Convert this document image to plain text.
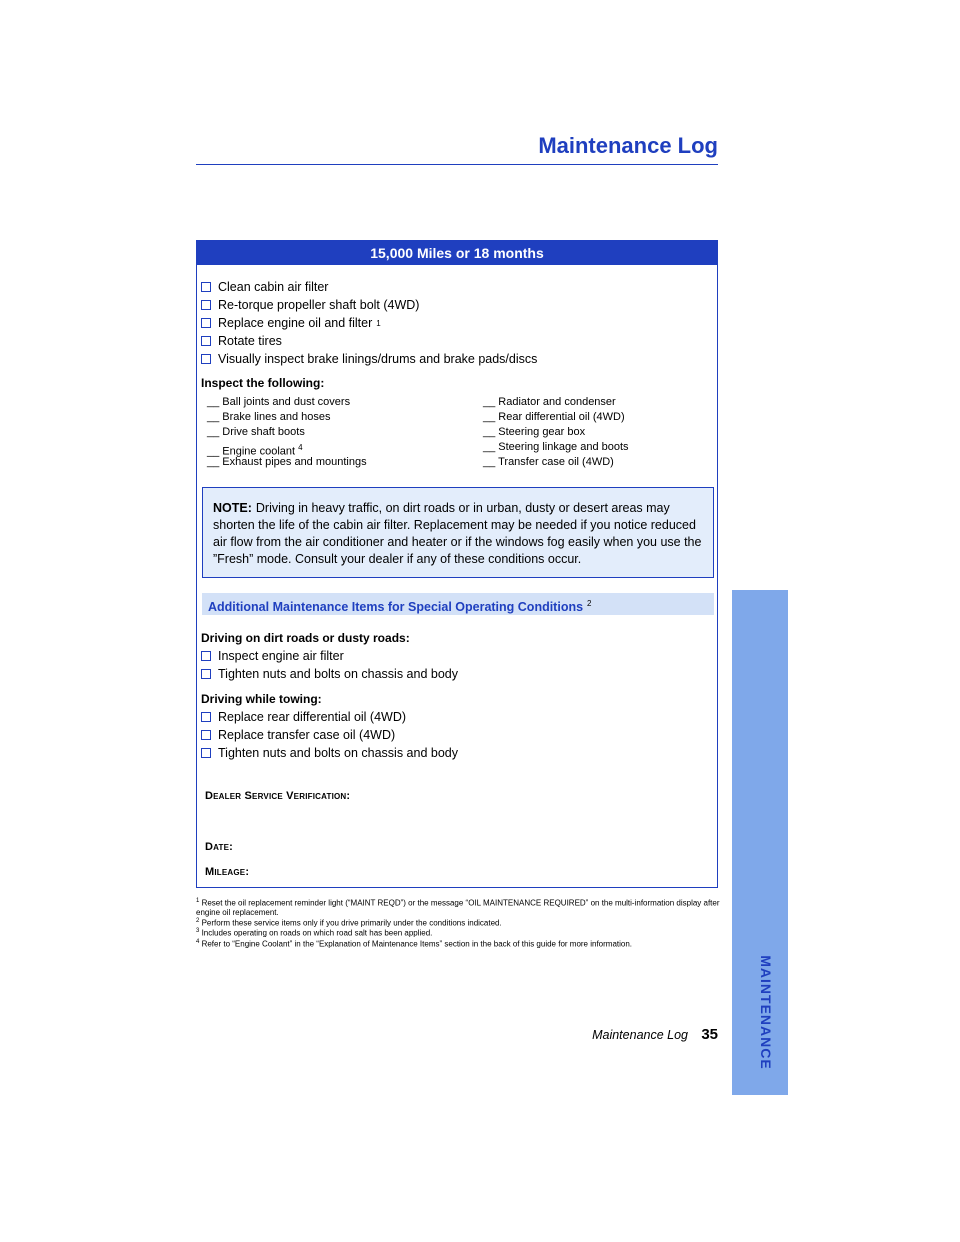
Maintenance Log
MAINTENANCE
15,000 Miles or 18 months
Clean cabin air filter
Re-torque propeller shaft bolt (4WD)
Replace engine oil and filter 1
Rotate tires
Visually inspect brake linings/drums and brake pads/discs
Inspect the following:
__ Ball joints and dust covers
__ Brake lines and hoses
__ Drive shaft boots
__ Engine coolant $^4$
__ Exhaust pipes and mountings
__ Radiator and condenser
__ Rear differential oil (4WD)
__ Steering gear box
__ Steering linkage and boots
__ Transfer case oil (4WD)
NOTE: Driving in heavy traffic, on dirt roads or in urban, dusty or desert areas may shorten the life of the cabin air filter. Replacement may be needed if you notice reduced air flow from the air conditioner and heater or if the windows fog easily when you use the ”Fresh” mode. Consult your dealer if any of these conditions occur.
Additional Maintenance Items for Special Operating Conditions $^2$
Driving on dirt roads or dusty roads:
Inspect engine air filter
Tighten nuts and bolts on chassis and body
Driving while towing:
Replace rear differential oil (4WD)
Replace transfer case oil (4WD)
Tighten nuts and bolts on chassis and body
Dealer Service Verification:
Date:
Mileage:
$^1$ Reset the oil replacement reminder light (“MAINT REQD”) or the message “OIL MAINTENANCE REQUIRED” on the multi-information display after engine oil replacement.
$^2$ Perform these service items only if you drive primarily under the conditions indicated.
$^3$ Includes operating on roads on which road salt has been applied.
$^4$ Refer to “Engine Coolant” in the “Explanation of Maintenance Items” section in the back of this guide for more information.
Maintenance Log 35
